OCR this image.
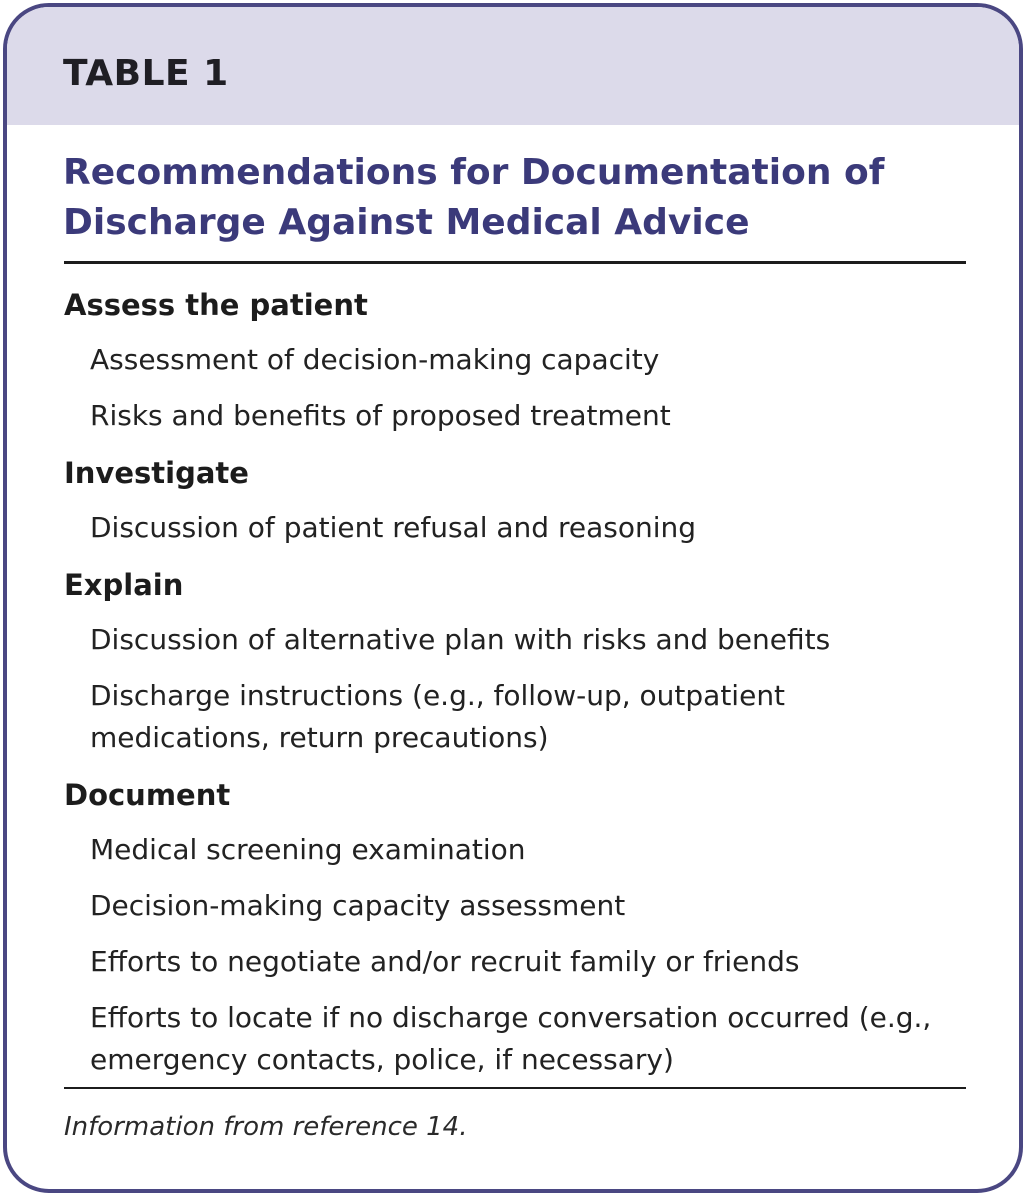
TABLE 1
Recommendations for Documentation of Discharge Against Medical Advice
Assess the patient
Assessment of decision-making capacity
Risks and benefits of proposed treatment
Investigate
Discussion of patient refusal and reasoning
Explain
Discussion of alternative plan with risks and benefits
Discharge instructions (e.g., follow-up, outpatient medications, return precautions)
Document
Medical screening examination
Decision-making capacity assessment
Efforts to negotiate and/or recruit family or friends
Efforts to locate if no discharge conversation occurred (e.g., emergency contacts, police, if necessary)
Information from reference 14.
